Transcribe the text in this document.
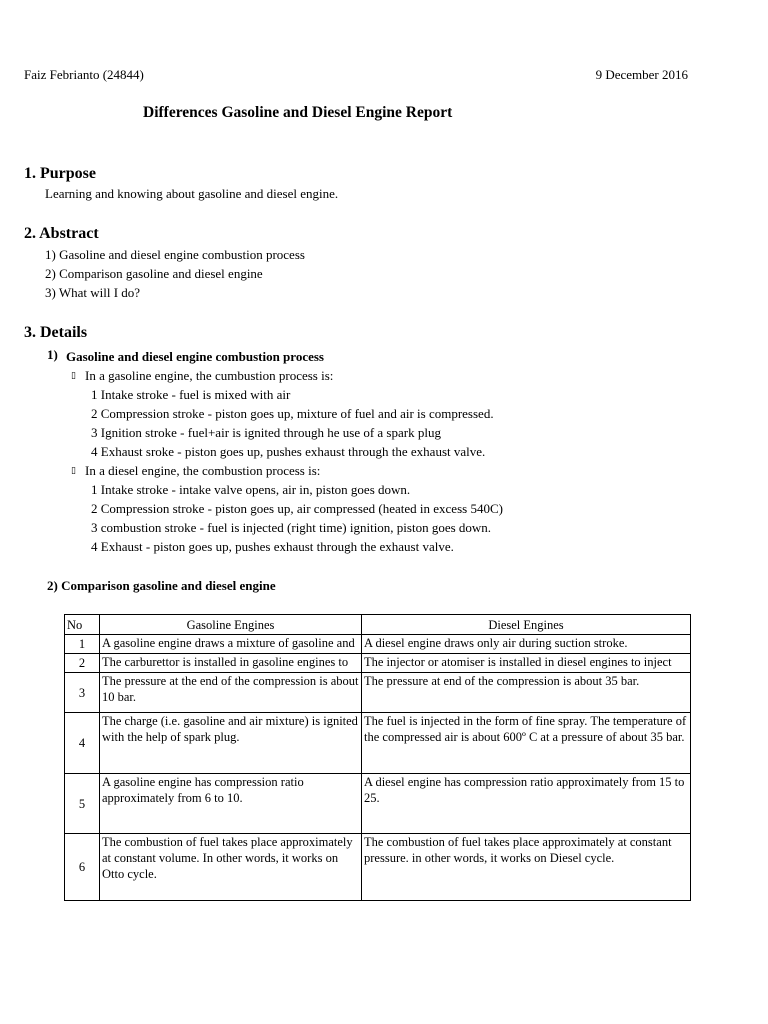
Faiz Febrianto (24844)	9 December 2016
Differences Gasoline and Diesel Engine Report
1. Purpose
Learning and knowing about gasoline and diesel engine.
2. Abstract
1) Gasoline and diesel engine combustion process
2) Comparison gasoline and diesel engine
3) What will I do?
3. Details
1) Gasoline and diesel engine combustion process
▯ In a gasoline engine, the cumbustion process is:
1 Intake stroke - fuel is mixed with air
2 Compression stroke - piston goes up, mixture of fuel and air is compressed.
3 Ignition stroke - fuel+air is ignited through he use of a spark plug
4 Exhaust sroke - piston goes up, pushes exhaust through the exhaust valve.
▯ In a diesel engine, the combustion process is:
1 Intake stroke - intake valve opens, air in, piston goes down.
2 Compression stroke - piston goes up, air compressed (heated in excess 540C)
3 combustion stroke - fuel is injected (right time) ignition, piston goes down.
4 Exhaust - piston goes up, pushes exhaust through the exhaust valve.
2) Comparison gasoline and diesel engine
No	Gasoline Engines	Diesel Engines
1	A gasoline engine draws a mixture of gasoline and	A diesel engine draws only air during suction stroke.

2	The carburettor is installed in gasoline engines to	The injector or atomiser is installed in diesel engines to inject

3	The pressure at the end of the compression is about 10 bar.	The pressure at end of the compression is about 35 bar.

4	The charge (i.e. gasoline and air mixture) is ignited with the help of spark plug.	The fuel is injected in the form of fine spray. The temperature of the compressed air is about 600º C at a pressure of about 35 bar.

5	A gasoline engine has compression ratio approximately from 6 to 10.	A diesel engine has compression ratio approximately from 15 to 25.

6	The combustion of fuel takes place approximately at constant volume. In other words, it works on Otto cycle.	The combustion of fuel takes place approximately at constant pressure. in other words, it works on Diesel cycle.
